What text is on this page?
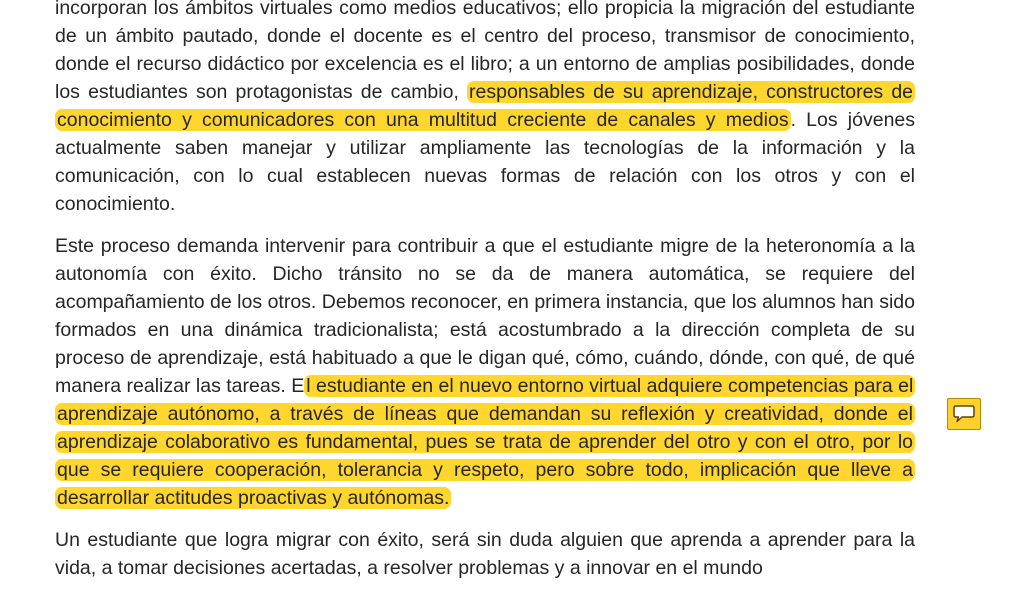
incorporan los ámbitos virtuales como medios educativos; ello propicia la migración del estudiante de un ámbito pautado, donde el docente es el centro del proceso, transmisor de conocimiento, donde el recurso didáctico por excelencia es el libro; a un entorno de amplias posibilidades, donde los estudiantes son protagonistas de cambio, responsables de su aprendizaje, constructores de conocimiento y comunicadores con una multitud creciente de canales y medios . Los jóvenes actualmente saben manejar y utilizar ampliamente las tecnologías de la información y la comunicación, con lo cual establecen nuevas formas de relación con los otros y con el conocimiento.

Este proceso demanda intervenir para contribuir a que el estudiante migre de la heteronomía a la autonomía con éxito. Dicho tránsito no se da de manera automática, se requiere del acompañamiento de los otros. Debemos reconocer, en primera instancia, que los alumnos han sido formados en una dinámica tradicionalista; está acostumbrado a la dirección completa de su proceso de aprendizaje, está habituado a que le digan qué, cómo, cuándo, dónde, con qué, de qué manera realizar las tareas. E l estudiante en el nuevo entorno virtual adquiere competencias para el aprendizaje autónomo, a través de líneas que demandan su reflexión y creatividad, donde el aprendizaje colaborativo es fundamental, pues se trata de aprender del otro y con el otro, por lo que se requiere cooperación, tolerancia y respeto, pero sobre todo, implicación que lleve a desarrollar actitudes proactivas y autónomas.

Un estudiante que logra migrar con éxito, será sin duda alguien que aprenda a aprender para la vida, a tomar decisiones acertadas, a resolver problemas y a innovar en el mundo
